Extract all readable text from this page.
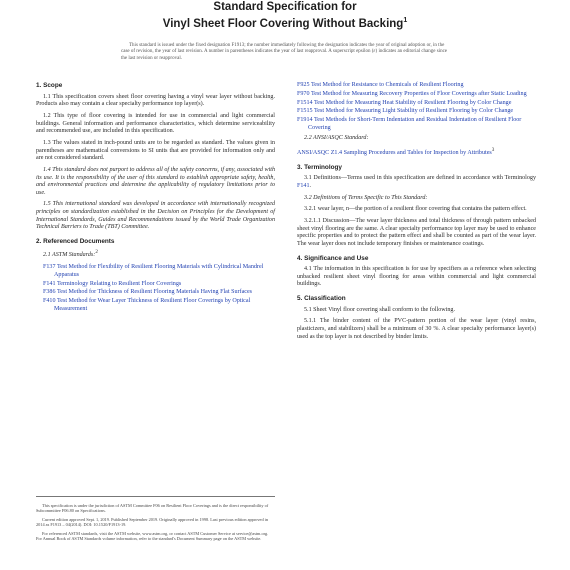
Standard Specification for
Vinyl Sheet Floor Covering Without Backing$^1$

This standard is issued under the fixed designation F1913; the number immediately following the designation indicates the year of original adoption or, in the case of revision, the year of last revision. A number in parentheses indicates the year of last reapproval. A superscript epsilon (ε) indicates an editorial change since the last revision or reapproval.

1. Scope

1.1 This specification covers sheet floor covering having a vinyl wear layer without backing. Products also may contain a clear specialty performance top layer(s).

1.2 This type of floor covering is intended for use in commercial and light commercial buildings. General information and performance characteristics, which determine serviceability and recommended use, are included in this specification.

1.3 The values stated in inch-pound units are to be regarded as standard. The values given in parentheses are mathematical conversions to SI units that are provided for information only and are not considered standard.

1.4 This standard does not purport to address all of the safety concerns, if any, associated with its use. It is the responsibility of the user of this standard to establish appropriate safety, health, and environmental practices and determine the applicability of regulatory limitations prior to use.

1.5 This international standard was developed in accordance with internationally recognized principles on standardization established in the Decision on Principles for the Development of International Standards, Guides and Recommendations issued by the World Trade Organization Technical Barriers to Trade (TBT) Committee.

2. Referenced Documents

2.1 ASTM Standards:$^2$

F137 Test Method for Flexibility of Resilient Flooring Materials with Cylindrical Mandrel Apparatus
F141 Terminology Relating to Resilient Floor Coverings
F386 Test Method for Thickness of Resilient Flooring Materials Having Flat Surfaces
F410 Test Method for Wear Layer Thickness of Resilient Floor Coverings by Optical Measurement
F925 Test Method for Resistance to Chemicals of Resilient Flooring
F970 Test Method for Measuring Recovery Properties of Floor Coverings after Static Loading
F1514 Test Method for Measuring Heat Stability of Resilient Flooring by Color Change
F1515 Test Method for Measuring Light Stability of Resilient Flooring by Color Change
F1914 Test Methods for Short-Term Indentation and Residual Indentation of Resilient Floor Covering

2.2 ANSI/ASQC Standard:

ANSI/ASQC Z1.4 Sampling Procedures and Tables for Inspection by Attributes$^3$
3. Terminology

3.1 Definitions—Terms used in this specification are defined in accordance with Terminology F141.

3.2 Definitions of Terms Specific to This Standard:

3.2.1 wear layer, n—the portion of a resilient floor covering that contains the pattern effect.

3.2.1.1 Discussion—The wear layer thickness and total thickness of through pattern unbacked sheet vinyl flooring are the same. A clear specialty performance top layer may be used to enhance specific properties and to protect the pattern effect and shall be counted as part of the wear layer. The wear layer does not include temporary finishes or maintenance coatings.

4. Significance and Use

4.1 The information in this specification is for use by specifiers as a reference when selecting unbacked resilient sheet vinyl flooring for areas within commercial and light commercial buildings.

5. Classification

5.1 Sheet Vinyl floor covering shall conform to the following.

5.1.1 The binder content of the PVC-pattern portion of the wear layer (vinyl resins, plasticizers, and stabilizers) shall be a minimum of 30 %. A clear specialty performance layer(s) used as the top layer is not described by binder limits.

This specification is under the jurisdiction of ASTM Committee F06 on Resilient Floor Coverings and is the direct responsibility of Subcommittee F06.80 on Specifications.

Current edition approved Sept. 1, 2019. Published September 2019. Originally approved in 1998. Last previous edition approved in 2014 as F1913 – 04(2014). DOI: 10.1520/F1913-19.

For referenced ASTM standards, visit the ASTM website, www.astm.org, or contact ASTM Customer Service at service@astm.org. For Annual Book of ASTM Standards volume information, refer to the standard's Document Summary page on the ASTM website.
